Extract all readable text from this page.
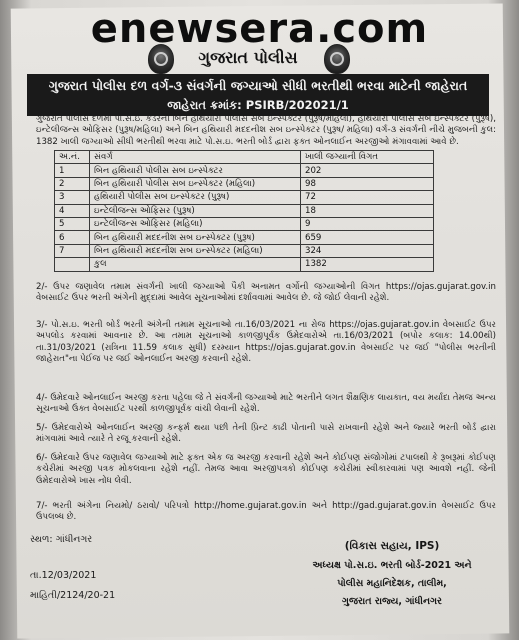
enewsera.com
ગુજરાત પોલીસ
ગુજરાત પોલીસ દળ વર્ગ-૩ સંવર્ગની જગ્યાઓ સીધી ભરતીથી ભરવા માટેની જાહેરાત
જાહેરાત ક્રમાંક: PSIRB/202021/1
ગુજરાત પોલીસ દળમાં પો.સ.ઇ. કેડરની બિન હથિયારી પોલીસ સબ ઇન્સ્પેક્ટર (પુરૂષ/મહિલા), હથિયારી પોલીસ સબ ઇન્સ્પેક્ટર (પુરૂષ), ઇન્ટેલીજન્સ ઓફિસર (પુરૂષ/મહિલા) અને બિન હથિયારી મદદનીશ સબ ઇન્સ્પેક્ટર (પુરૂષ/ મહિલા) વર્ગ-૩ સંવર્ગની નીચે મુજબની કુલ: 1382 ખાલી જગ્યાઓ સીધી ભરતીથી ભરવા માટે પો.સ.ઇ. ભરતી બોર્ડ દ્વારા ફક્ત ઓનલાઈન અરજીઓ મંગાવવામાં આવે છે.
અ.નં.	સંવર્ગ	ખાલી જગ્યાની વિગત
1	બિન હથિયારી પોલીસ સબ ઇન્સ્પેક્ટર	202
2	બિન હથિયારી પોલીસ સબ ઇન્સ્પેક્ટર (મહિલા)	98
3	હથિયારી પોલીસ સબ ઇન્સ્પેક્ટર (પુરૂષ)	72
4	ઇન્ટેલીજન્સ ઓફિસર (પુરૂષ)	18
5	ઇન્ટેલીજન્સ ઓફિસર (મહિલા)	9
6	બિન હથિયારી મદદનીશ સબ ઇન્સ્પેક્ટર (પુરૂષ)	659
7	બિન હથિયારી મદદનીશ સબ ઇન્સ્પેક્ટર (મહિલા)	324
	કુલ	1382
2/- ઉપર જણાવેલ તમામ સંવર્ગની ખાલી જગ્યાઓ પૈકી અનામત વર્ગોની જગ્યાઓની વિગત https://ojas.gujarat.gov.in વેબસાઈટ ઉપર ભરતી અંગેની મુદ્દામાં આવેલ સૂચનાઓમાં દર્શાવવામાં આવેલ છે. જે જોઈ લેવાની રહેશે.
3/- પો.સ.ઇ. ભરતી બોર્ડ ભરતી અંગેની તમામ સૂચનાઓ તા.16/03/2021 ના રોજ https://ojas.gujarat.gov.in વેબસાઈટ ઉપર અપલોડ કરવામાં આવનાર છે. આ તમામ સૂચનાઓ કાળજીપૂર્વક ઉમેદવારોએ તા.16/03/2021 (બપોર કલાક: 14.00થી) તા.31/03/2021 (રાત્રિના 11.59 કલાક સુધી) દરમ્યાન https://ojas.gujarat.gov.in વેબસાઈટ પર જઈ "પોલીસ ભરતીની જાહેરાત"ના પેઈજ પર જઈ ઓનલાઈન અરજી કરવાની રહેશે.
4/- ઉમેદવારે ઓનલાઈન અરજી કરતા પહેલા જે તે સંવર્ગની જગ્યાઓ માટે ભરતીને લગત શૈક્ષણિક લાયકાત, વય મર્યાદા તેમજ અન્ય સૂચનાઓ ઉક્ત વેબસાઈટ પરથી કાળજીપૂર્વક વાંચી લેવાની રહેશે.
5/- ઉમેદવારોએ ઓનલાઈન અરજી કન્ફર્મ થયા પછી તેની પ્રિન્ટ કાઢી પોતાની પાસે રાખવાની રહેશે અને જ્યારે ભરતી બોર્ડ દ્વારા માંગવામાં આવે ત્યારે તે રજૂ કરવાની રહેશે.
6/- ઉમેદવારે ઉપર જણાવેલ જગ્યાઓ માટે ફક્ત એક જ અરજી કરવાની રહેશે અને કોઈપણ સંજોગોમાં ટપાલથી કે રૂબરૂમાં કોઈપણ કચેરીમાં અરજી પત્રક મોકલવાના રહેશે નહીં. તેમજ આવા અરજીપત્રકો કોઈપણ કચેરીમાં સ્વીકારવામાં પણ આવશે નહીં. જેની ઉમેદવારોએ ખાસ નોંધ લેવી.
7/- ભરતી અંગેના નિયમો/ ઠરાવો/ પરિપત્રો http://home.gujarat.gov.in અને http://gad.gujarat.gov.in વેબસાઈટ ઉપર ઉપલબ્ધ છે.
સ્થળ: ગાંધીનગર
તા.12/03/2021
માહિતી/2124/20-21
(વિકાસ સહાય, IPS)
અધ્યક્ષ પો.સ.ઇ. ભરતી બોર્ડ-2021 અને
પોલીસ મહાનિદેશક, તાલીમ,
ગુજરાત રાજ્ય, ગાંધીનગર
